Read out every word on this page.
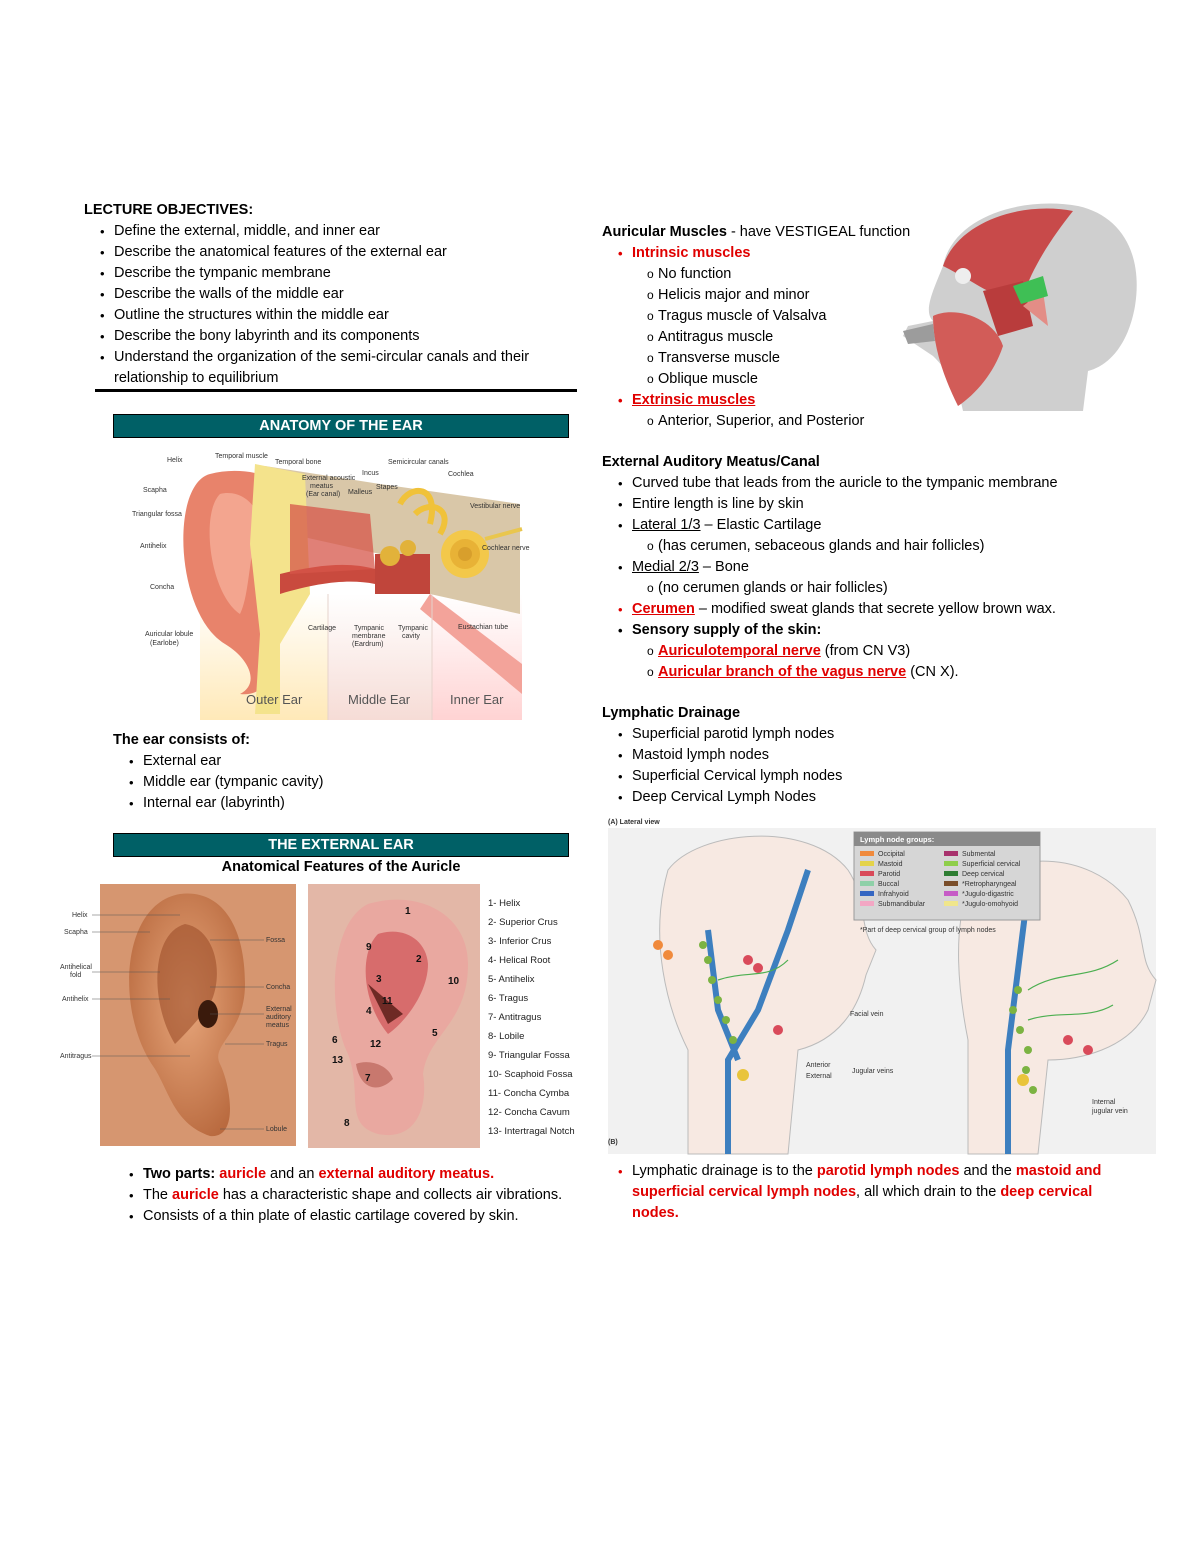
LECTURE OBJECTIVES:
• Define the external, middle, and inner ear
• Describe the anatomical features of the external ear
• Describe the tympanic membrane
• Describe the walls of the middle ear
• Outline the structures within the middle ear
• Describe the bony labyrinth and its components
• Understand the organization of the semi-circular canals and their relationship to equilibrium
ANATOMY OF THE EAR
Helix
Temporal muscle
Temporal bone
Scapha
Triangular fossa
Antihelix
Concha
Auricular lobule
(Earlobe)
External acoustic
meatus
(Ear canal)
Incus
Malleus
Stapes
Semicircular canals
Cochlea
Vestibular nerve
Cochlear nerve
Cartilage	Tympanic
membrane
(Eardrum)
Tympanic
cavity
Eustachian tube
Outer Ear	Middle Ear	Inner Ear
The ear consists of:
• External ear
• Middle ear (tympanic cavity)
• Internal ear (labyrinth)
THE EXTERNAL EAR
Anatomical Features of the Auricle
Helix
Scapha
Antihelical
fold
Antihelix
Antitragus
Fossa
Concha
External
auditory
meatus
Tragus
Lobule
1
2
3
4
5
6
7
8
9
10
11
12
13
1- Helix
2- Superior Crus
3- Inferior Crus
4- Helical Root
5- Antihelix
6- Tragus
7- Antitragus
8- Lobile
9- Triangular Fossa
10- Scaphoid Fossa
11- Concha Cymba
12- Concha Cavum
13- Intertragal Notch
• Two parts: auricle and an external auditory meatus.
• The auricle has a characteristic shape and collects air vibrations.
• Consists of a thin plate of elastic cartilage covered by skin.
Auricular Muscles - have VESTIGEAL function
• Intrinsic muscles
o No function
o Helicis major and minor
o Tragus muscle of Valsalva
o Antitragus muscle
o Transverse muscle
o Oblique muscle
• Extrinsic muscles
o Anterior, Superior, and Posterior
External Auditory Meatus/Canal
• Curved tube that leads from the auricle to the tympanic membrane
• Entire length is line by skin
• Lateral 1/3 – Elastic Cartilage
o (has cerumen, sebaceous glands and hair follicles)
• Medial 2/3 – Bone
o (no cerumen glands or hair follicles)
• Cerumen – modified sweat glands that secrete yellow brown wax.
• Sensory supply of the skin:
o Auriculotemporal nerve (from CN V3)
o Auricular branch of the vagus nerve (CN X).
Lymphatic Drainage
• Superficial parotid lymph nodes
• Mastoid lymph nodes
• Superficial Cervical lymph nodes
• Deep Cervical Lymph Nodes
(A) Lateral view
(B)
Lymph node groups:
Occipital
Mastoid
Parotid
Buccal
Infrahyoid
Submandibular
Submental
Superficial cervical
Deep cervical
*Retropharyngeal
*Jugulo-digastric
*Jugulo-omohyoid
*Part of deep cervical group of lymph nodes
Facial vein
Anterior
External
Jugular veins
Internal
jugular vein
• Lymphatic drainage is to the parotid lymph nodes and the mastoid and superficial cervical lymph nodes, all which drain to the deep cervical nodes.
